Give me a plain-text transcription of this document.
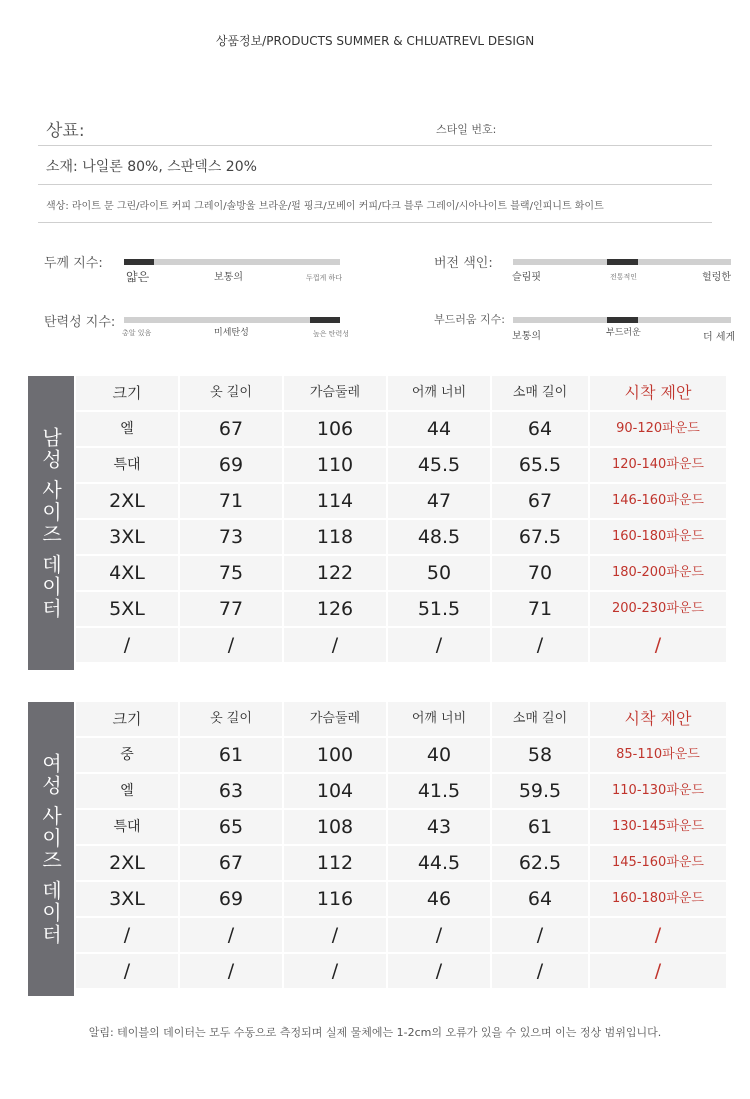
상품정보/PRODUCTS SUMMER & CHLUATREVL DESIGN
상표:	스타일 번호:
소재: 나일론 80%, 스판덱스 20%
색상: 라이트 문 그린/라이트 커피 그레이/솔방울 브라운/펄 핑크/모베이 커피/다크 블루 그레이/시아나이트 블랙/인피니트 화이트
두께 지수:
얇은	보통의	두껍게 하다
버전 색인:
슬림핏	전통적인	헐렁한
탄력성 지수:
총알 있음	미세탄성	높은 탄력성
부드러움 지수:
보통의	부드러운	더 세게
남성 사이즈 데이터
크기	옷 길이	가슴둘레	어깨 너비	소매 길이	시착 제안
엘	67	106	44	64	90-120파운드
특대	69	110	45.5	65.5	120-140파운드
2XL	71	114	47	67	146-160파운드
3XL	73	118	48.5	67.5	160-180파운드
4XL	75	122	50	70	180-200파운드
5XL	77	126	51.5	71	200-230파운드
/	/	/	/	/	/
여성 사이즈 데이터
크기	옷 길이	가슴둘레	어깨 너비	소매 길이	시착 제안
중	61	100	40	58	85-110파운드
엘	63	104	41.5	59.5	110-130파운드
특대	65	108	43	61	130-145파운드
2XL	67	112	44.5	62.5	145-160파운드
3XL	69	116	46	64	160-180파운드
/	/	/	/	/	/
/	/	/	/	/	/
알림: 테이블의 데이터는 모두 수동으로 측정되며 실제 물체에는 1-2cm의 오류가 있을 수 있으며 이는 정상 범위입니다.
